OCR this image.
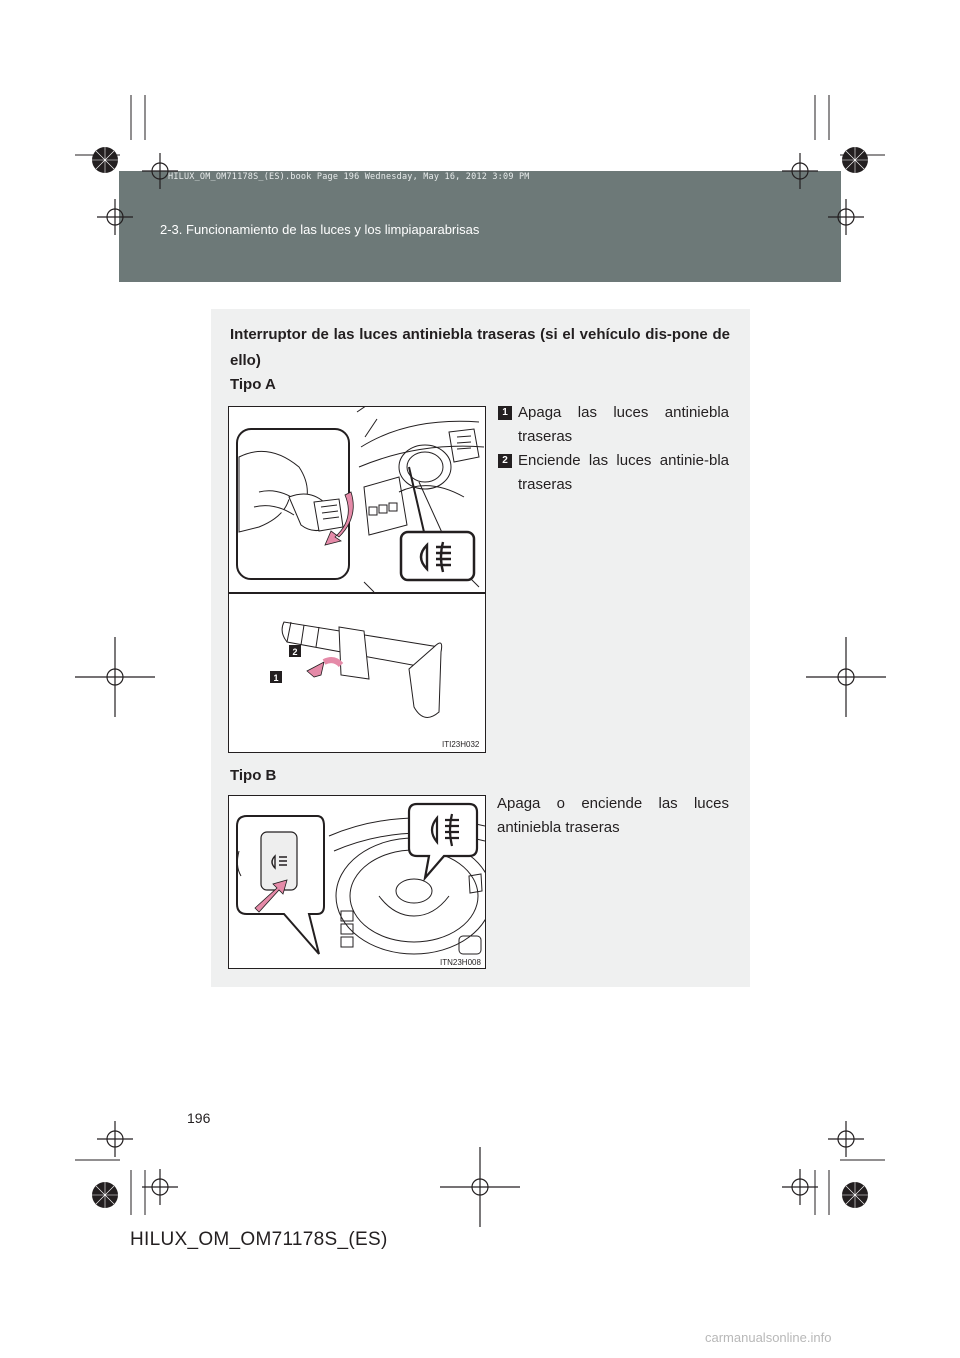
HILUX_OM_OM71178S_(ES).book Page 196 Wednesday, May 16, 2012 3:09 PM
2-3. Funcionamiento de las luces y los limpiaparabrisas
Interruptor de las luces antiniebla traseras (si el vehículo dis-pone de ello)
Tipo A
1 Apaga las luces antiniebla traseras
2 Enciende las luces antinie-bla traseras
2
1
ITI23H032
Tipo B
Apaga o enciende las luces antiniebla traseras
ITN23H008
196
HILUX_OM_OM71178S_(ES)
carmanualsonline.info
